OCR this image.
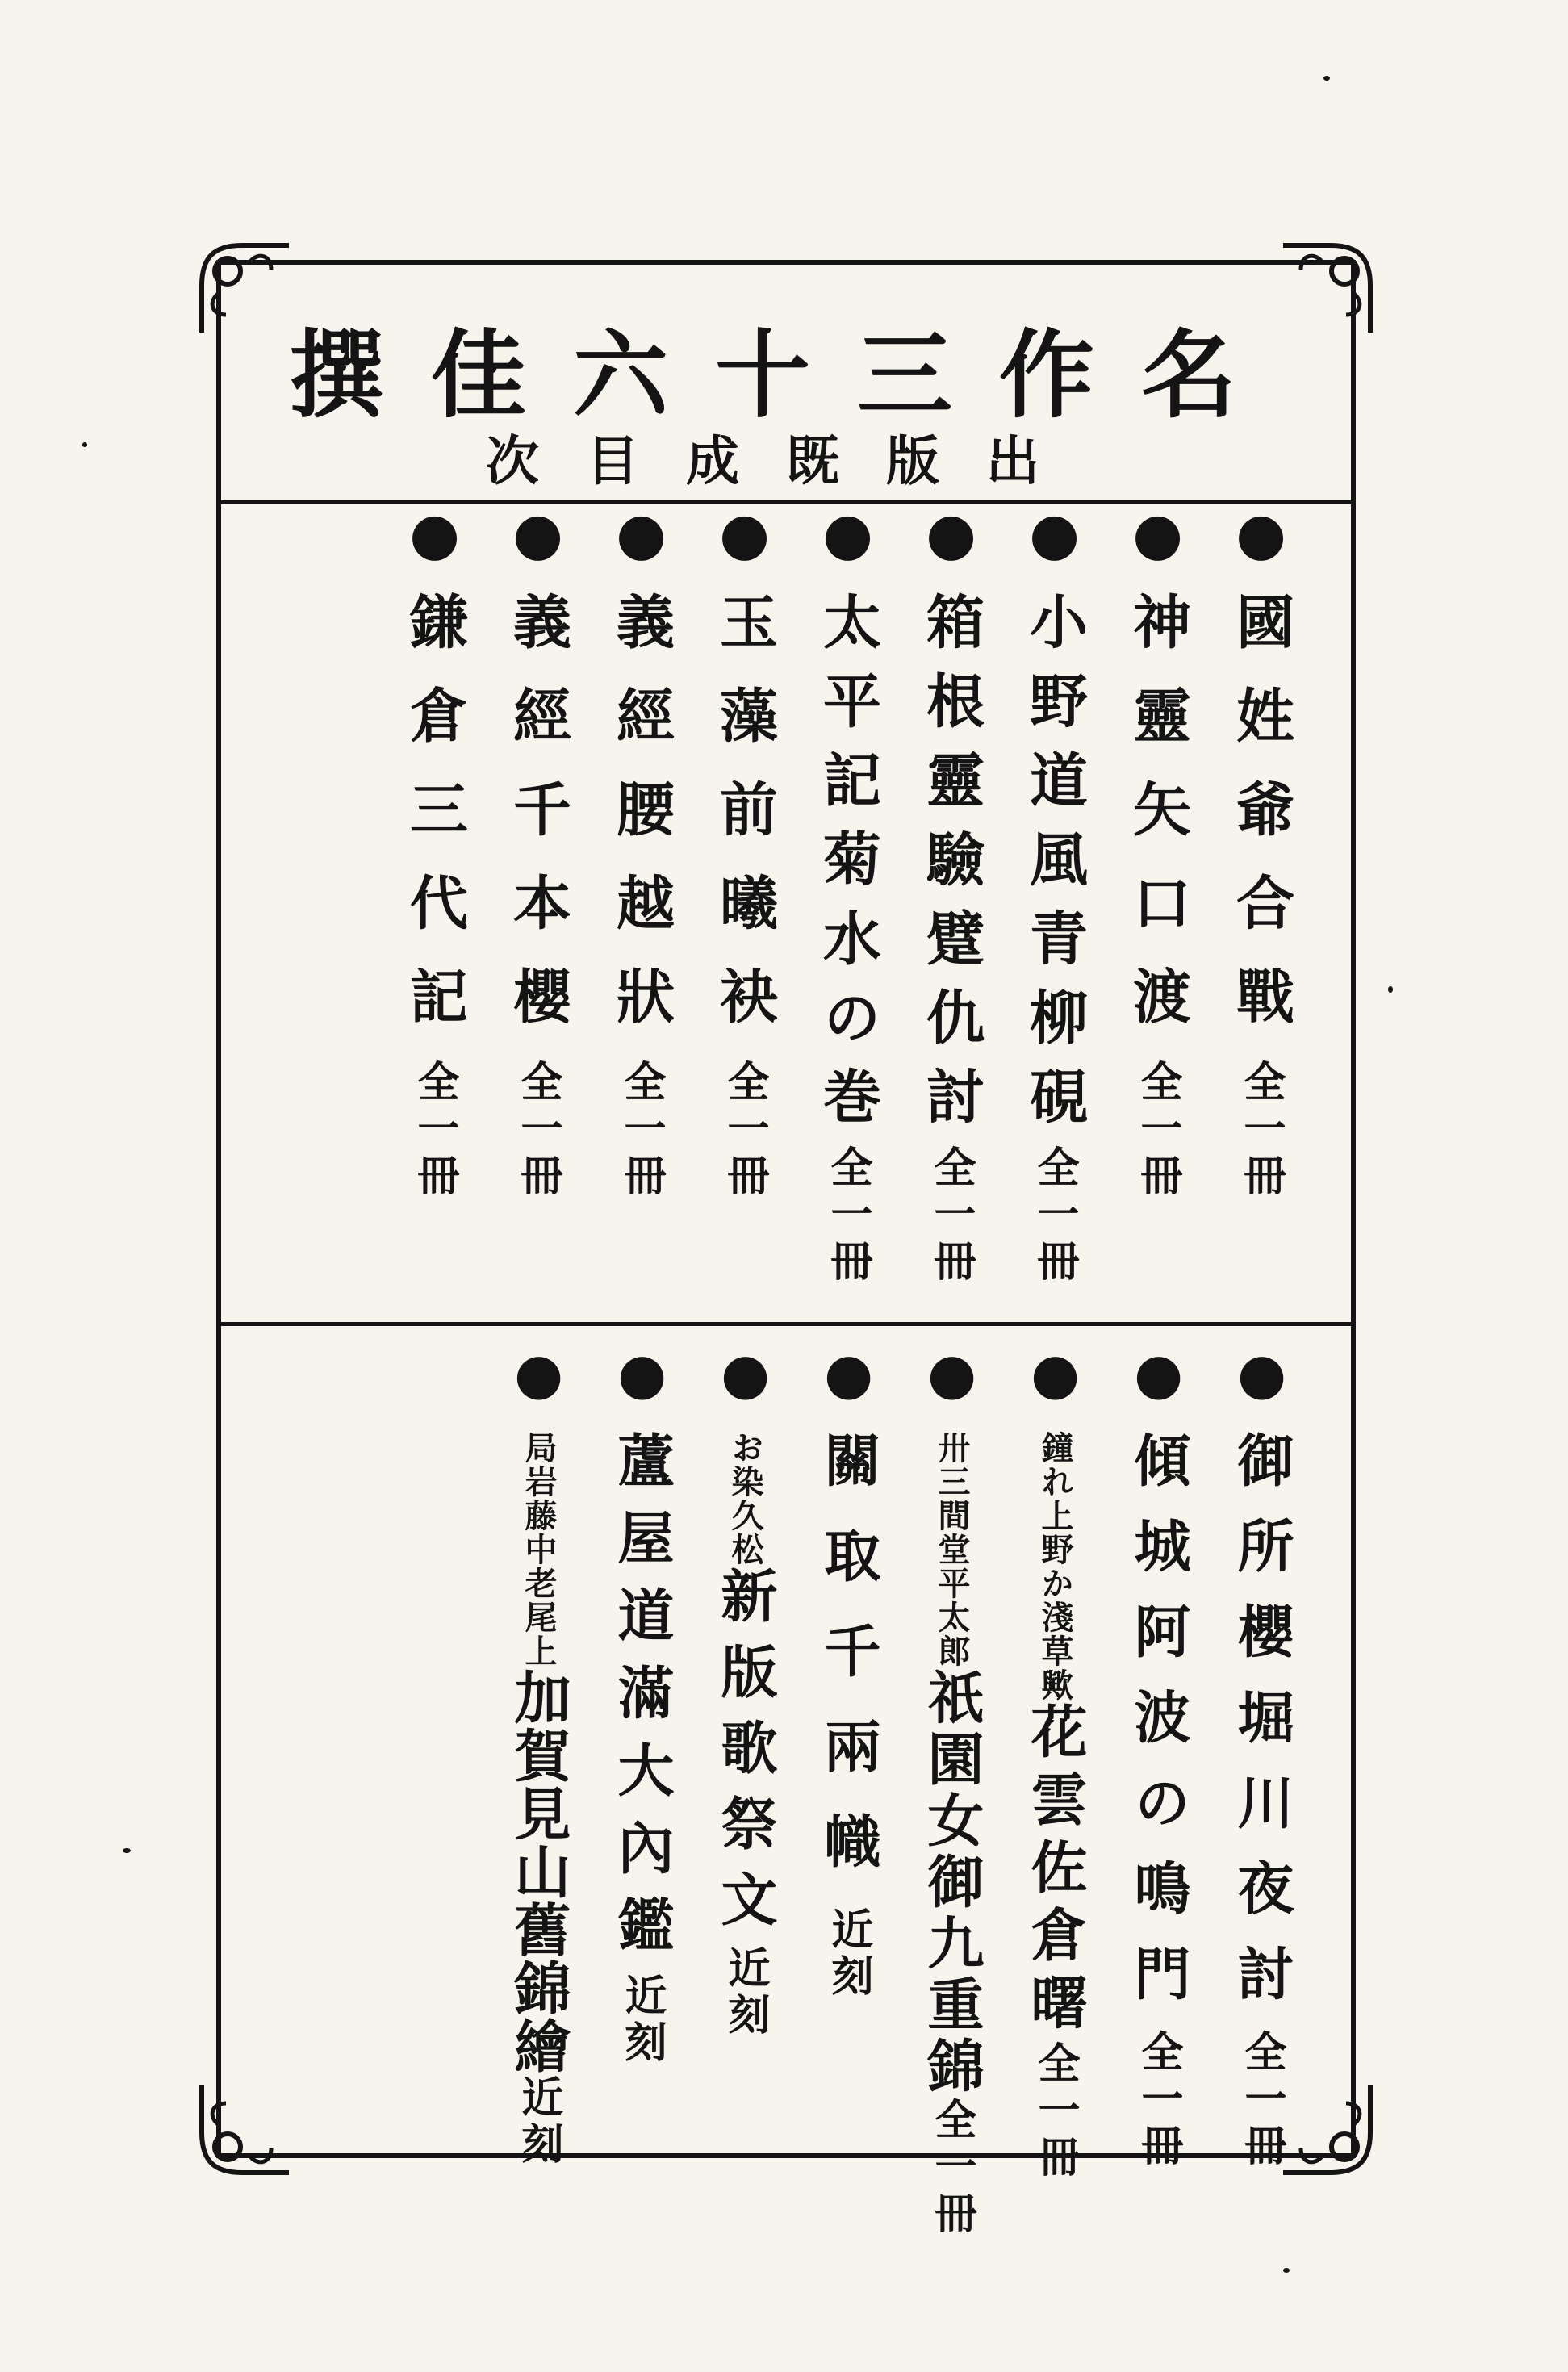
名作三十六佳撰
出版既成目次
●國姓爺合戰全一冊
●神靈矢口渡全一冊
●小野道風青柳硯全一冊
●箱根靈驗躄仇討全一冊
●太平記菊水の巻全一冊
●玉藻前曦袂全一冊
●義經腰越狀全一冊
●義經千本櫻全一冊
●鎌倉三代記全一冊
●御所櫻堀川夜討全一冊
●傾城阿波の鳴門全一冊
●鐘れ上野か淺草歟花雲佐倉曙全一冊
●卅三間堂平太郎祇園女御九重錦全一冊
●關取千兩幟近刻
●お染久松新版歌祭文近刻
●蘆屋道滿大內鑑近刻
●局岩藤中老尾上加賀見山舊錦繪近刻
